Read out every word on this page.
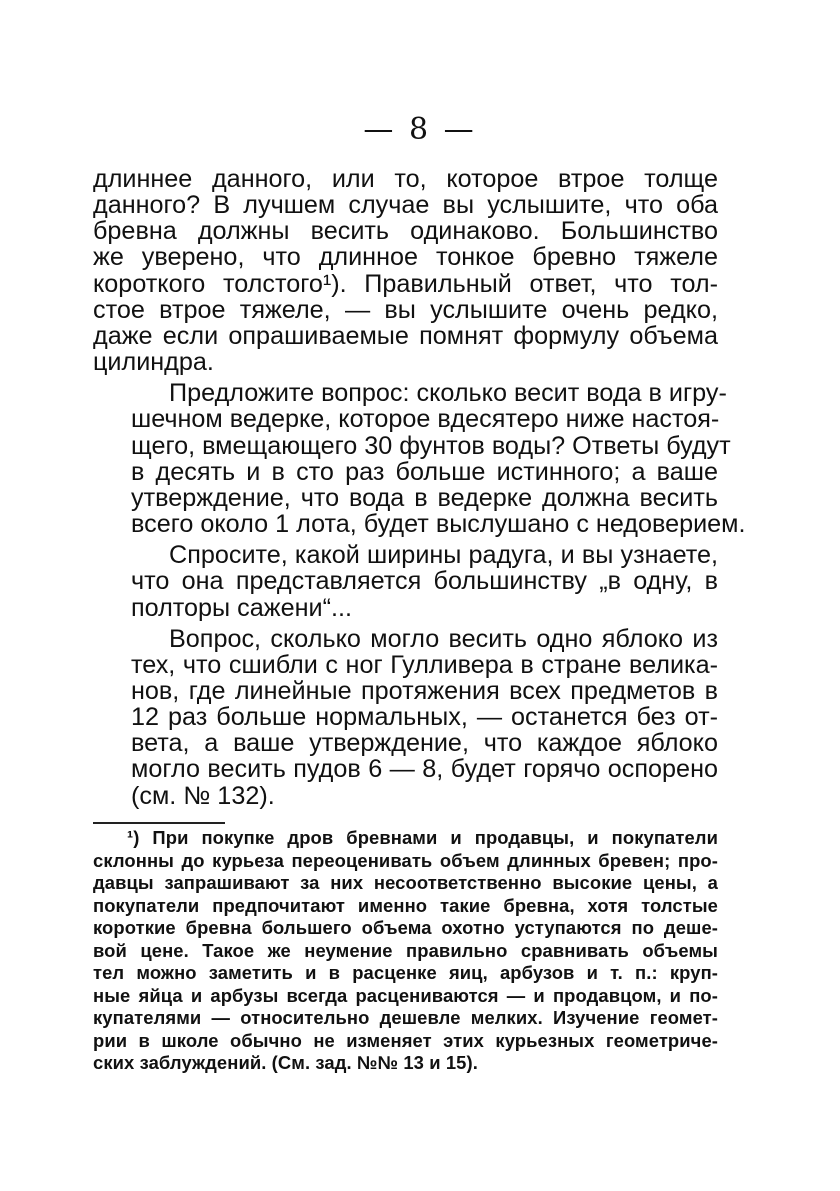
— 8 —
длиннее данного, или то, которое втрое толще
данного? В лучшем случае вы услышите, что оба
бревна должны весить одинаково. Большинство
же уверено, что длинное тонкое бревно тяжеле
короткого толстого¹). Правильный ответ, что тол-
стое втрое тяжеле, — вы услышите очень редко,
даже если опрашиваемые помнят формулу объема
цилиндра.
Предложите вопрос: сколько весит вода в игру-
шечном ведерке, которое вдесятеро ниже настоя-
щего, вмещающего 30 фунтов воды? Ответы будут
в десять и в сто раз больше истинного; а ваше
утверждение, что вода в ведерке должна весить
всего около 1 лота, будет выслушано с недоверием.
Спросите, какой ширины радуга, и вы узнаете,
что она представляется большинству „в одну, в
полторы сажени“...
Вопрос, сколько могло весить одно яблоко из
тех, что сшибли с ног Гулливера в стране велика-
нов, где линейные протяжения всех предметов в
12 раз больше нормальных, — останется без от-
вета, а ваше утверждение, что каждое яблоко
могло весить пудов 6 — 8, будет горячо оспорено
(см. № 132).
¹) При покупке дров бревнами и продавцы, и покупатели
склонны до курьеза переоценивать объем длинных бревен; про-
давцы запрашивают за них несоответственно высокие цены, а
покупатели предпочитают именно такие бревна, хотя толстые
короткие бревна большего объема охотно уступаются по деше-
вой цене. Такое же неумение правильно сравнивать объемы
тел можно заметить и в расценке яиц, арбузов и т. п.: круп-
ные яйца и арбузы всегда расцениваются — и продавцом, и по-
купателями — относительно дешевле мелких. Изучение геомет-
рии в школе обычно не изменяет этих курьезных геометриче-
ских заблуждений. (См. зад. №№ 13 и 15).
